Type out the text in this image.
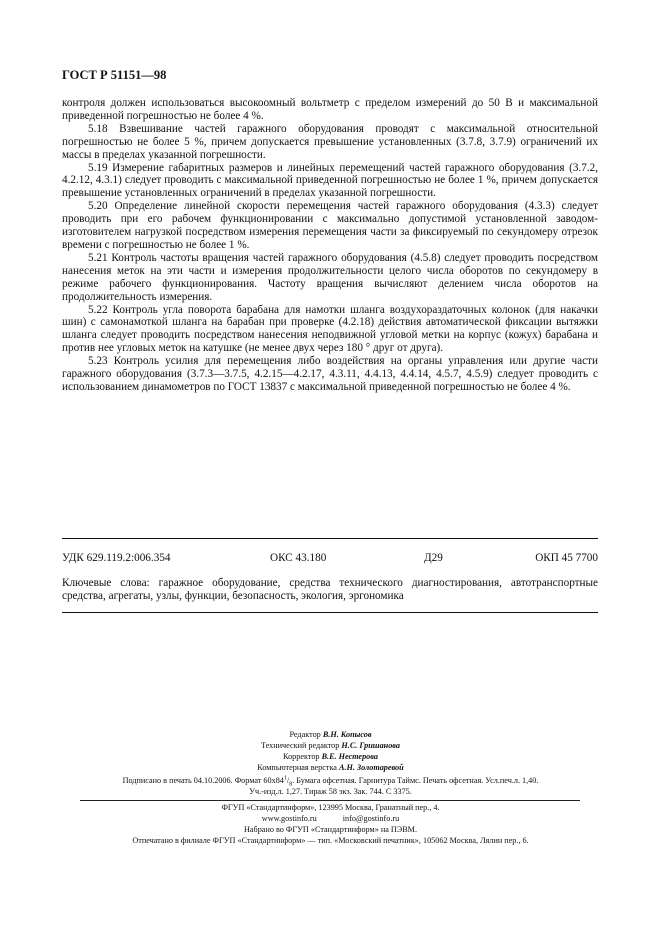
ГОСТ Р 51151—98

контроля должен использоваться высокоомный вольтметр с пределом измерений до 50 В и максимальной приведенной погрешностью не более 4 %.

5.18 Взвешивание частей гаражного оборудования проводят с максимальной относительной погрешностью не более 5 %, причем допускается превышение установленных (3.7.8, 3.7.9) ограничений их массы в пределах указанной погрешности.

5.19 Измерение габаритных размеров и линейных перемещений частей гаражного оборудования (3.7.2, 4.2.12, 4.3.1) следует проводить с максимальной приведенной погрешностью не более 1 %, причем допускается превышение установленных ограничений в пределах указанной погрешности.

5.20 Определение линейной скорости перемещения частей гаражного оборудования (4.3.3) следует проводить при его рабочем функционировании с максимально допустимой установленной заводом-изготовителем нагрузкой посредством измерения перемещения части за фиксируемый по секундомеру отрезок времени с погрешностью не более 1 %.

5.21 Контроль частоты вращения частей гаражного оборудования (4.5.8) следует проводить посредством нанесения меток на эти части и измерения продолжительности целого числа оборотов по секундомеру в режиме рабочего функционирования. Частоту вращения вычисляют делением числа оборотов на продолжительность измерения.

5.22 Контроль угла поворота барабана для намотки шланга воздухораздаточных колонок (для накачки шин) с самонамоткой шланга на барабан при проверке (4.2.18) действия автоматической фиксации вытяжки шланга следует проводить посредством нанесения неподвижной угловой метки на корпус (кожух) барабана и против нее угловых меток на катушке (не менее двух через 180 ° друг от друга).

5.23 Контроль усилия для перемещения либо воздействия на органы управления или другие части гаражного оборудования (3.7.3—3.7.5, 4.2.15—4.2.17, 4.3.11, 4.4.13, 4.4.14, 4.5.7, 4.5.9) следует проводить с использованием динамометров по ГОСТ 13837 с максимальной приведенной погрешностью не более 4 %.

УДК 629.119.2:006.354	ОКС 43.180	Д29	ОКП 45 7700
Ключевые слова: гаражное оборудование, средства технического диагностирования, автотранспортные средства, агрегаты, узлы, функции, безопасность, экология, эргономика
Редактор В.Н. Копысов
Технический редактор Н.С. Гришанова
Корректор В.Е. Нестерова
Компьютерная верстка А.Н. Золотаревой
Подписано в печать 04.10.2006. Формат $60х84^1/_8$. Бумага офсетная. Гарнитура Таймс. Печать офсетная. Усл.печ.л. 1,40.
Уч.-изд.л. 1,27. Тираж 58 экз. Зак. 744. С 3375.
ФГУП «Стандартинформ», 123995 Москва, Гранатный пер., 4.
www.gostinfo.ru	info@gostinfo.ru
Набрано во ФГУП «Стандартинформ» на ПЭВМ.
Отпечатано в филиале ФГУП «Стандартинформ» — тип. «Московский печатник», 105062 Москва, Лялин пер., 6.
